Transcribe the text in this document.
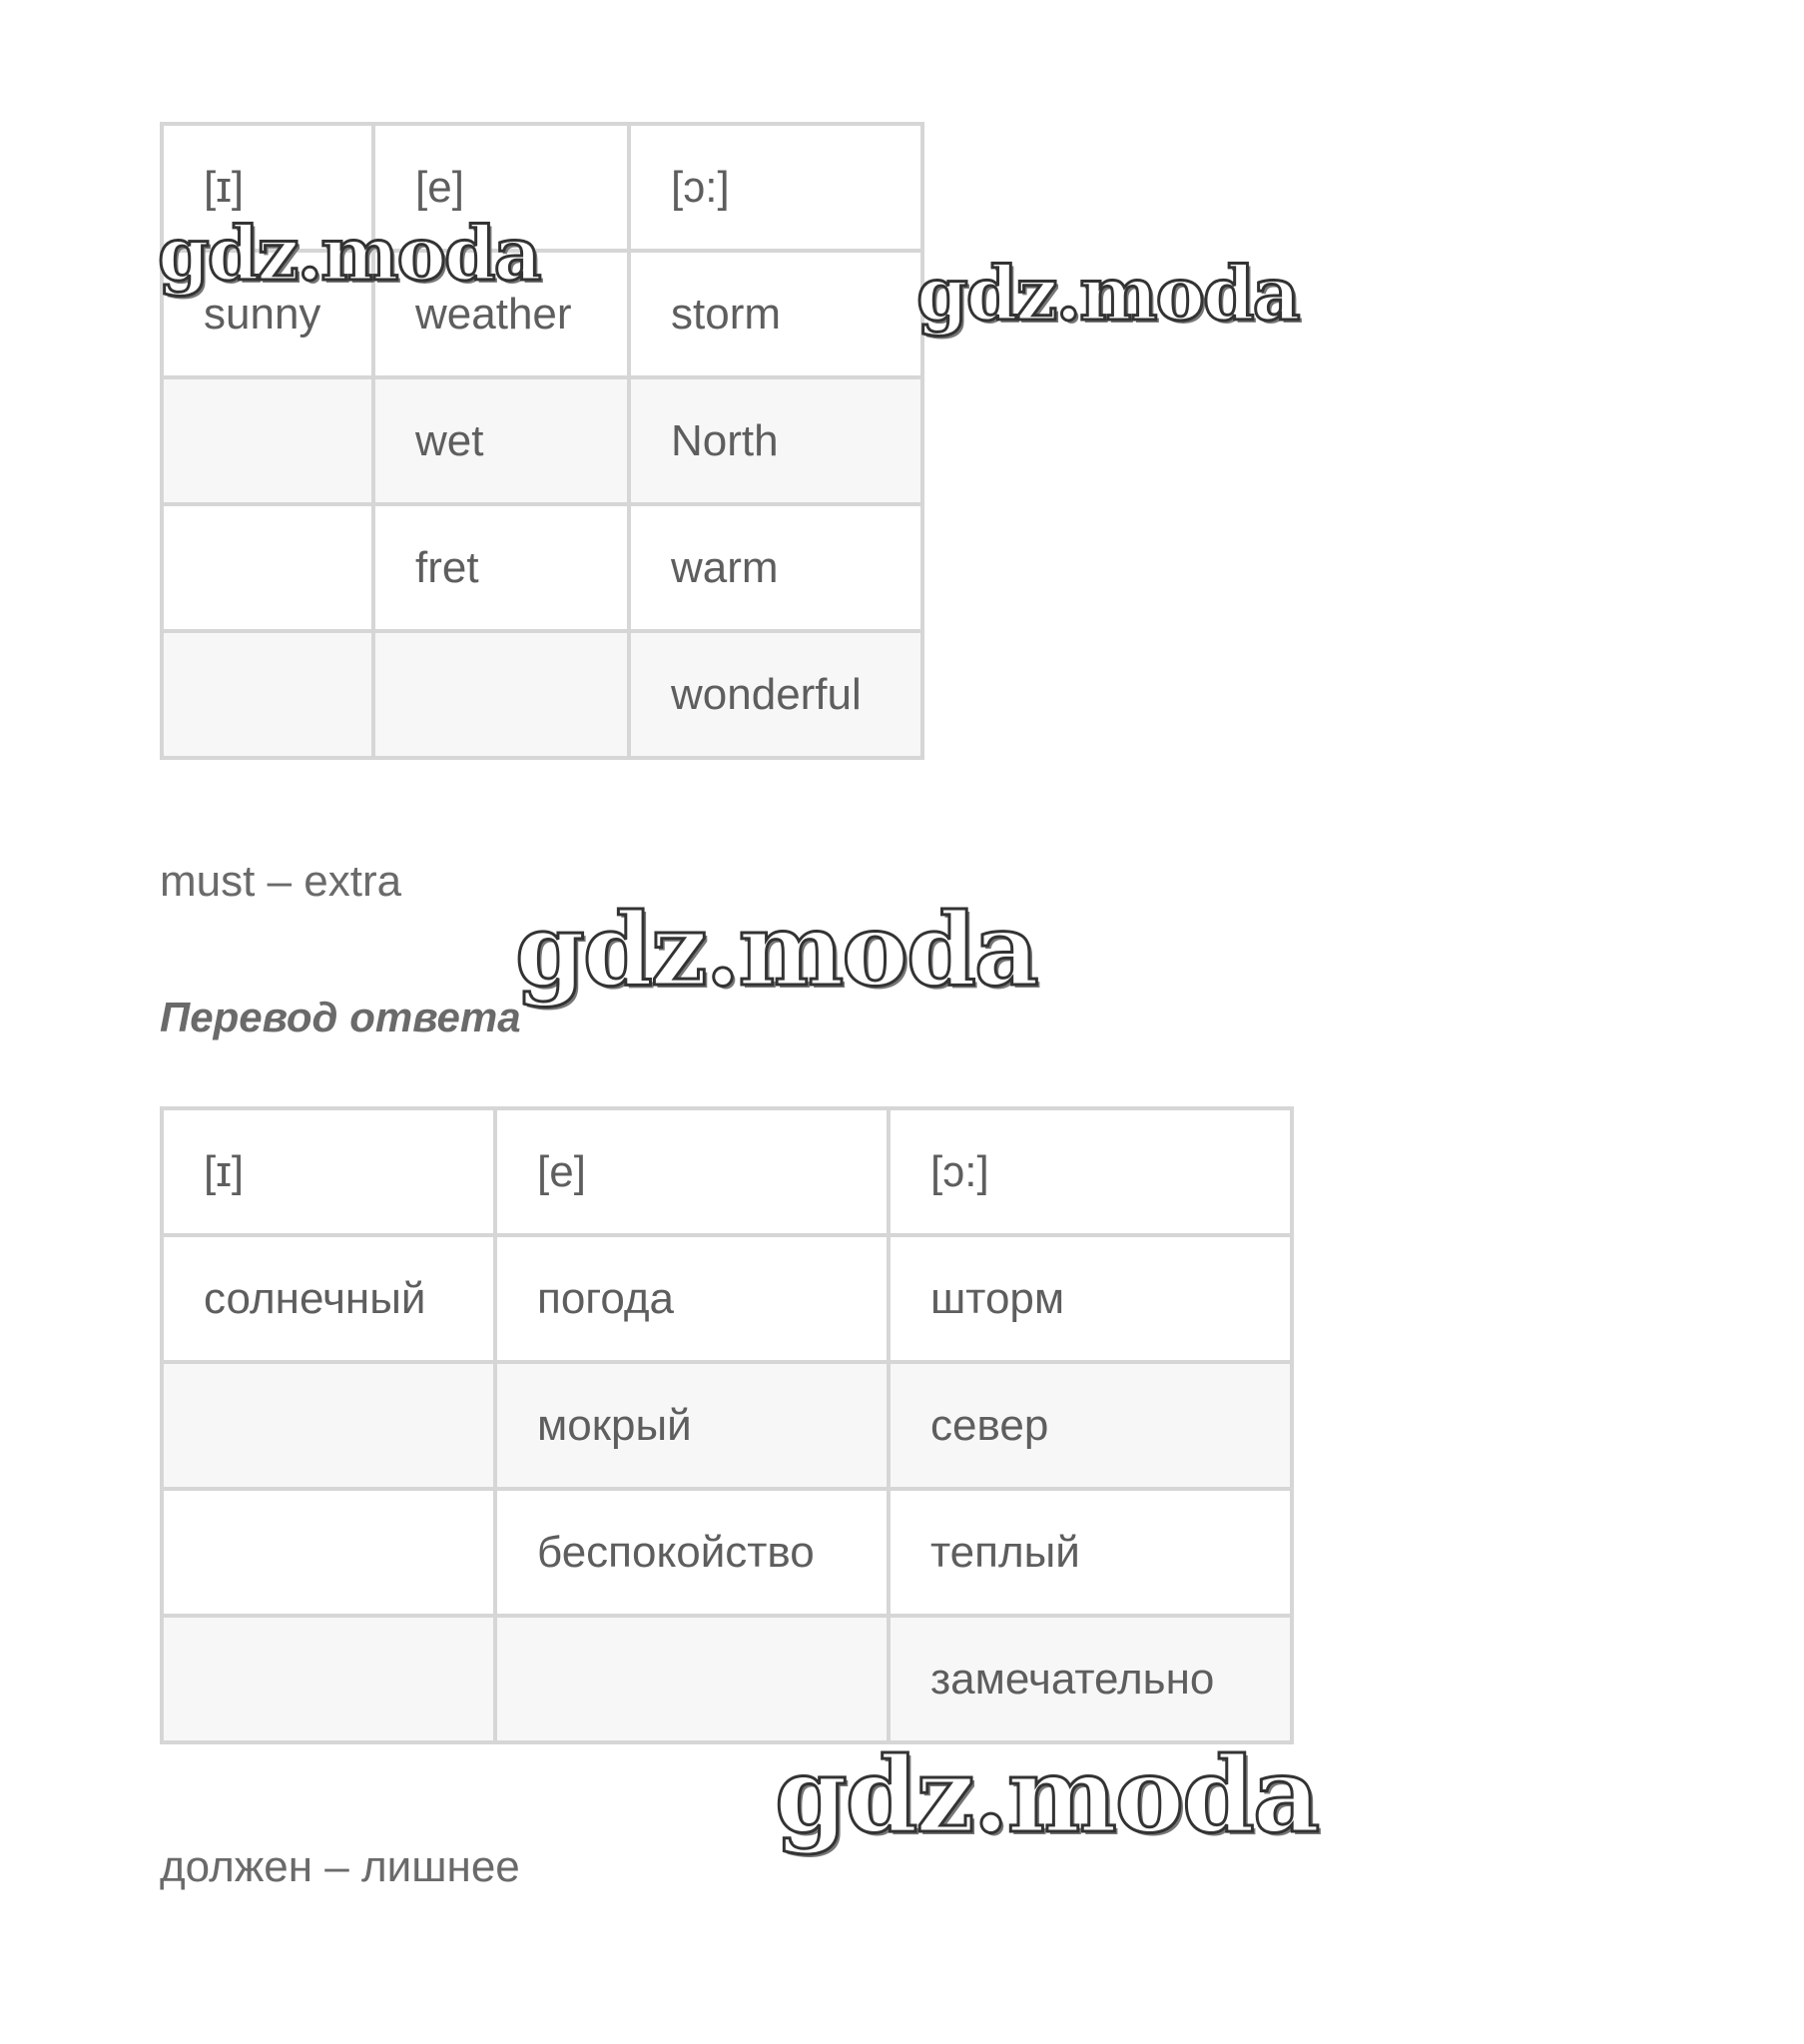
[ɪ]	[e]	[ɔ:]
sunny	weather	storm
	wet	North
	fret	warm
		wonderful
must – extra
Перевод ответа
[ɪ]	[e]	[ɔ:]
солнечный	погода	шторм
	мокрый	север
	беспокойство	теплый
		замечательно
должен – лишнее
gdz.moda	gdz.moda
gdz.moda
gdz.moda
